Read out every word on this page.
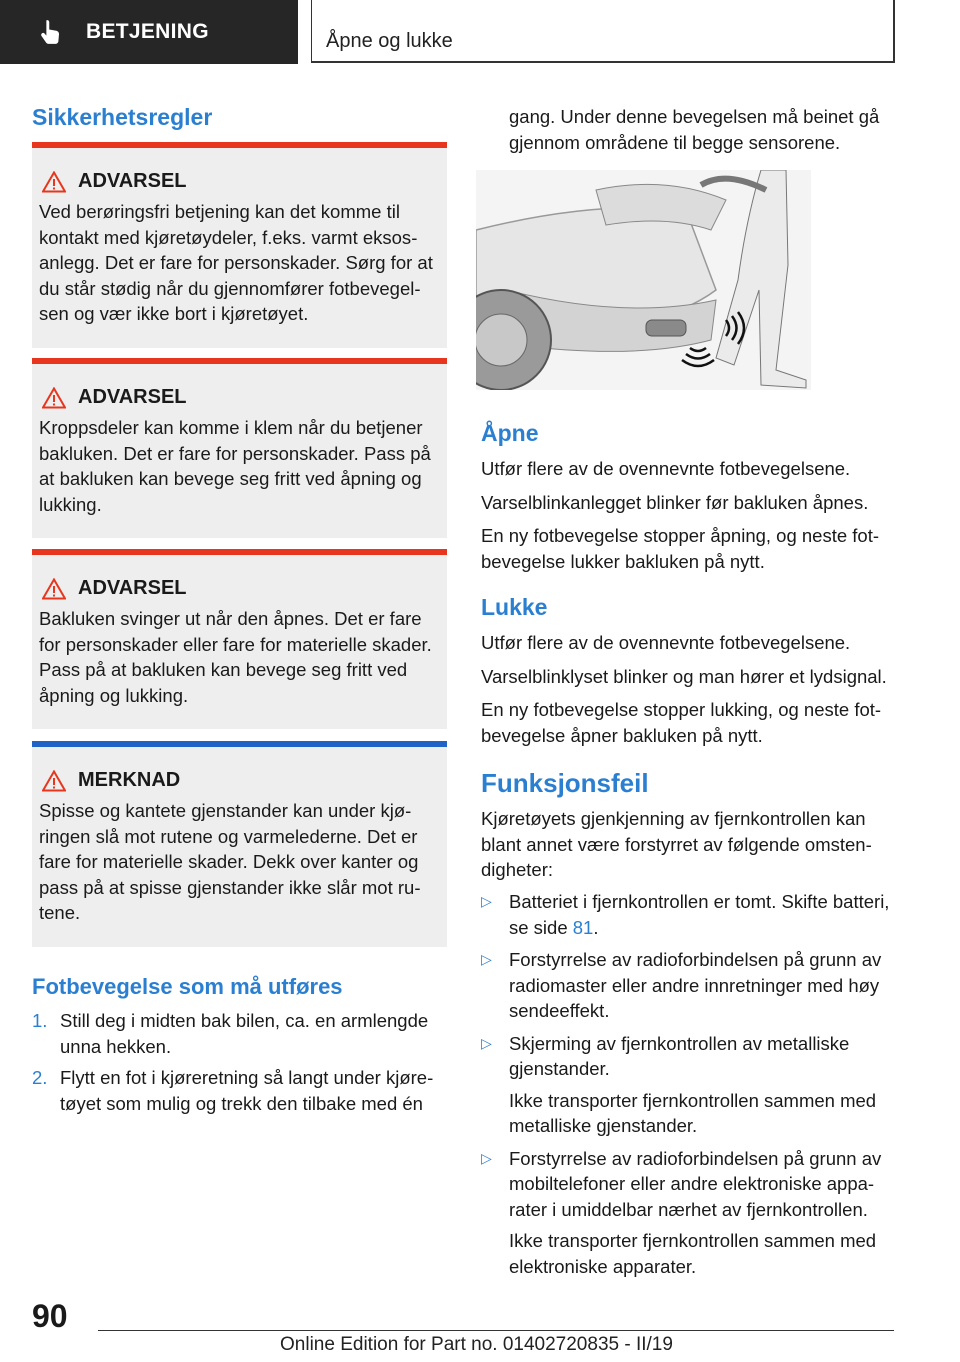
BETJENING	Åpne og lukke
Sikkerhetsregler
ADVARSEL

Ved berøringsfri betjening kan det komme til kontakt med kjøretøydeler, f.eks. varmt eksosanlegg. Det er fare for personskader. Sørg for at du står stødig når du gjennomfører fotbevegelsen og vær ikke bort i kjøretøyet.

ADVARSEL

Kroppsdeler kan komme i klem når du betjener bakluken. Det er fare for personskader. Pass på at bakluken kan bevege seg fritt ved åpning og lukking.

ADVARSEL

Bakluken svinger ut når den åpnes. Det er fare for personskader eller fare for materielle skader. Pass på at bakluken kan bevege seg fritt ved åpning og lukking.

MERKNAD

Spisse og kantete gjenstander kan under kjøringen slå mot rutene og varmelederne. Det er fare for materielle skader. Dekk over kanter og pass på at spisse gjenstander ikke slår mot rutene.

Fotbevegelse som må utføres
1. Still deg i midten bak bilen, ca. en armlengde unna hekken.

2. Flytt en fot i kjøreretning så langt under kjøretøyet som mulig og trekk den tilbake med én

gang. Under denne bevegelsen må beinet gå gjennom områdene til begge sensorene.

Åpne

Utfør flere av de ovennevnte fotbevegelsene.

Varselblinkanlegget blinker før bakluken åpnes.

En ny fotbevegelse stopper åpning, og neste fotbevegelse lukker bakluken på nytt.

Lukke

Utfør flere av de ovennevnte fotbevegelsene.

Varselblinklyset blinker og man hører et lydsignal.

En ny fotbevegelse stopper lukking, og neste fotbevegelse åpner bakluken på nytt.

Funksjonsfeil

Kjøretøyets gjenkjenning av fjernkontrollen kan blant annet være forstyrret av følgende omstendigheter:

▷ Batteriet i fjernkontrollen er tomt. Skifte batteri, se side 81.

▷ Forstyrrelse av radioforbindelsen på grunn av radiomaster eller andre innretninger med høy sendeeffekt.

▷ Skjerming av fjernkontrollen av metalliske gjenstander.

Ikke transporter fjernkontrollen sammen med metalliske gjenstander.

▷ Forstyrrelse av radioforbindelsen på grunn av mobiltelefoner eller andre elektroniske apparater i umiddelbar nærhet av fjernkontrollen.

Ikke transporter fjernkontrollen sammen med elektroniske apparater.

90
Online Edition for Part no. 01402720835 - II/19
